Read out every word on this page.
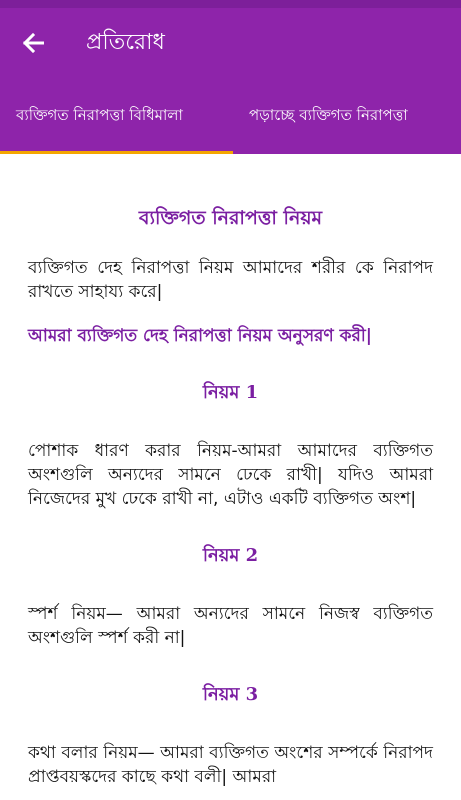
প্রতিরোধ
ব্যক্তিগত নিরাপত্তা বিধিমালা	পড়াচ্ছে ব্যক্তিগত নিরাপত্তা
ব্যক্তিগত নিরাপত্তা নিয়ম

ব্যক্তিগত দেহ নিরাপত্তা নিয়ম আমাদের শরীর কে নিরাপদ রাখতে সাহায্য করে|

আমরা ব্যক্তিগত দেহ নিরাপত্তা নিয়ম অনুসরণ করী|

নিয়ম 1

পোশাক ধারণ করার নিয়ম-আমরা আমাদের ব্যক্তিগত অংশগুলি অন্যদের সামনে ঢেকে রাখী| যদিও আমরা নিজেদের মুখ ঢেকে রাখী না, এটাও একটি ব্যক্তিগত অংশ|

নিয়ম 2

স্পর্শ নিয়ম— আমরা অন্যদের সামনে নিজস্ব ব্যক্তিগত অংশগুলি স্পর্শ করী না|

নিয়ম 3

কথা বলার নিয়ম— আমরা ব্যক্তিগত অংশের সম্পর্কে নিরাপদ প্রাপ্তবয়স্কদের কাছে কথা বলী| আমরা
